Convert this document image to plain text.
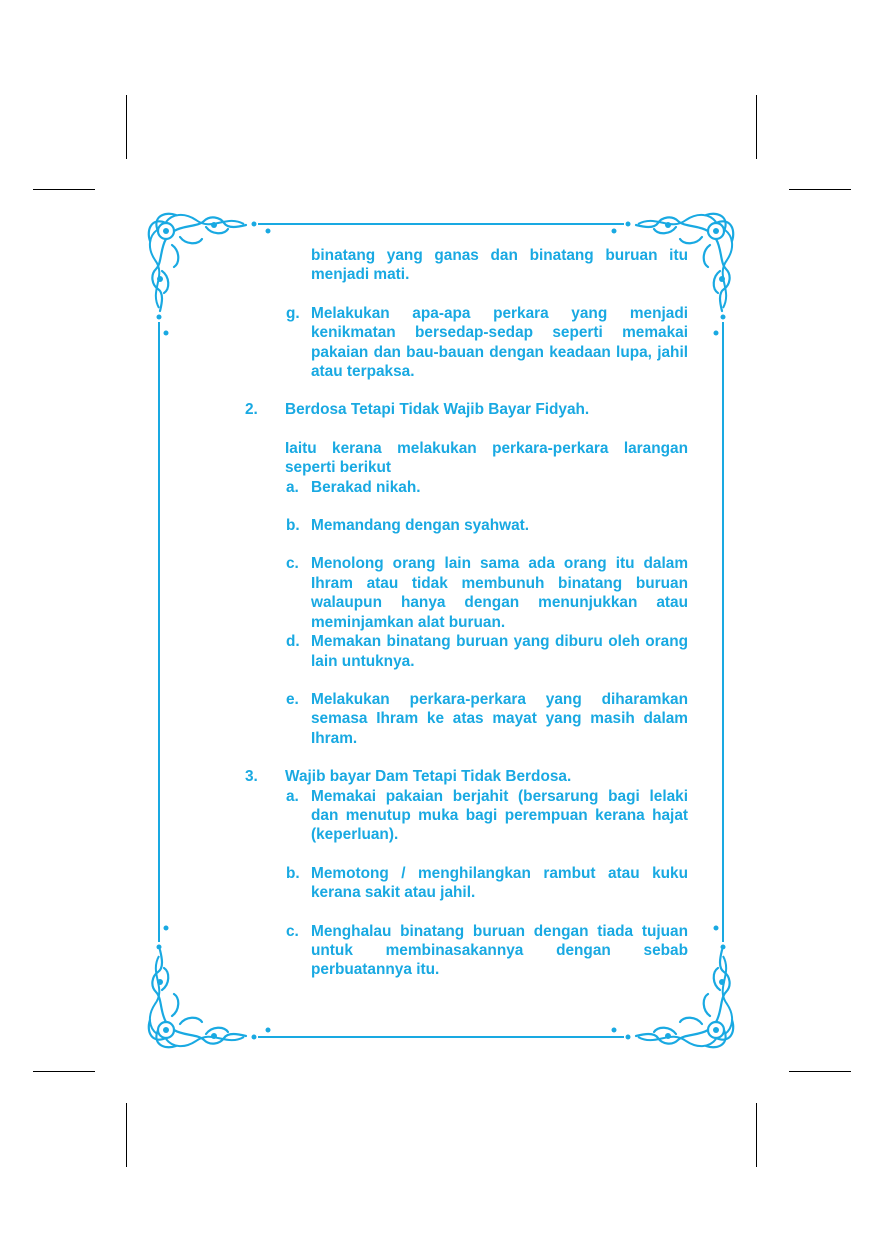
binatang yang ganas dan binatang buruan itu menjadi mati.
g. Melakukan apa-apa perkara yang menjadi kenikmatan bersedap-sedap seperti memakai pakaian dan bau-bauan dengan keadaan lupa, jahil atau terpaksa.
2.	Berdosa Tetapi Tidak Wajib Bayar Fidyah.
Iaitu kerana melakukan perkara-perkara larangan seperti berikut
a. Berakad nikah.
b. Memandang dengan syahwat.
c. Menolong orang lain sama ada orang itu dalam Ihram atau tidak membunuh binatang buruan walaupun hanya dengan menunjukkan atau meminjamkan alat buruan.
d. Memakan binatang buruan yang diburu oleh orang lain untuknya.
e. Melakukan perkara-perkara yang diharamkan semasa Ihram ke atas mayat yang masih dalam Ihram.
3.	Wajib bayar Dam Tetapi Tidak Berdosa.
a. Memakai pakaian berjahit (bersarung bagi lelaki dan menutup muka bagi perempuan kerana hajat (keperluan).
b. Memotong / menghilangkan rambut atau kuku kerana sakit atau jahil.
c. Menghalau binatang buruan dengan tiada tujuan untuk membinasakannya dengan sebab perbuatannya itu.
